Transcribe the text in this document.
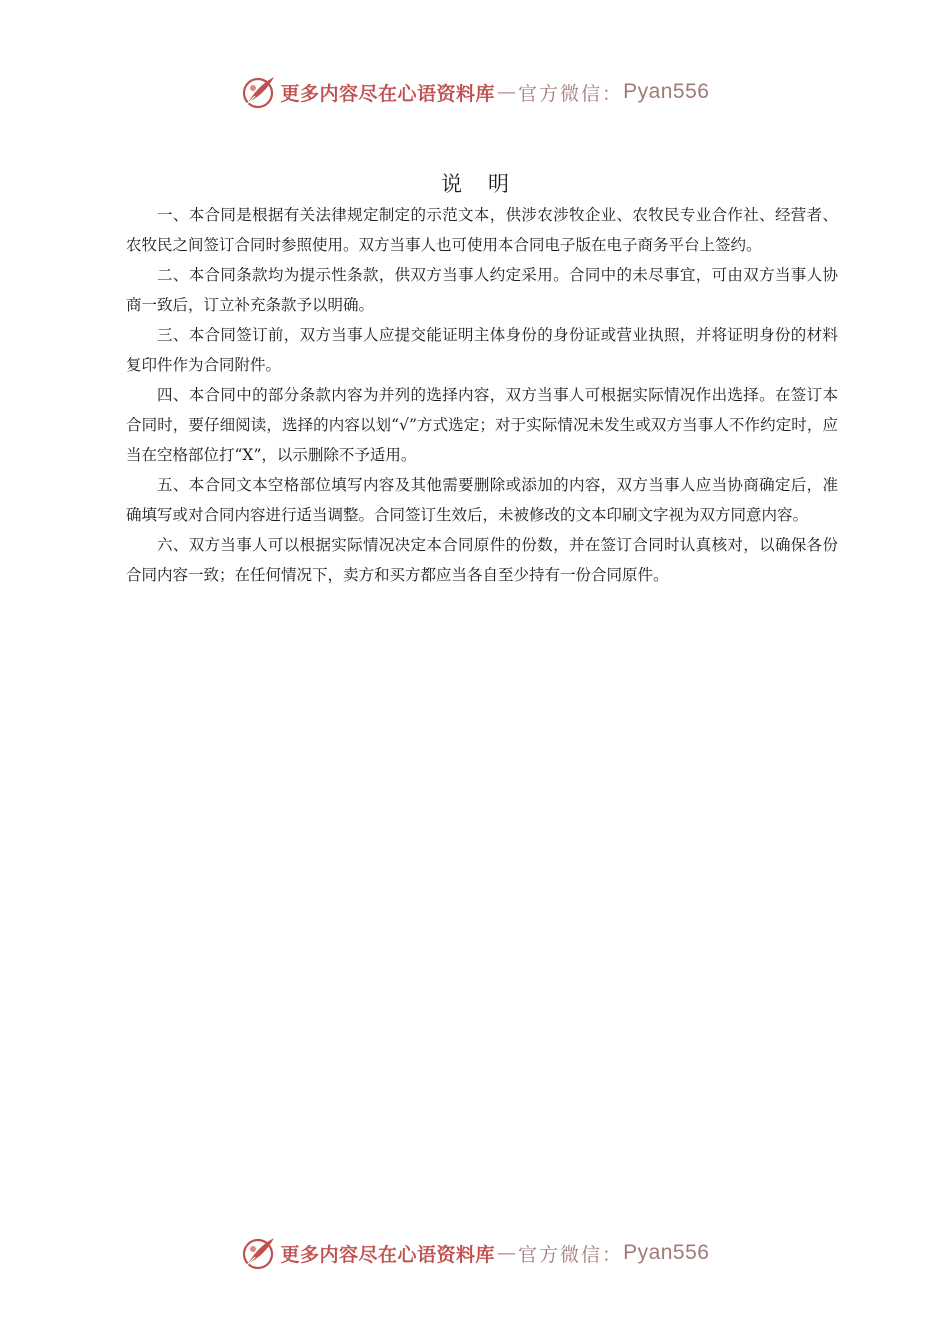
更多内容尽在心语资料库 — 官方微信： Pyan556
说明

一、本合同是根据有关法律规定制定的示范文本，供涉农涉牧企业、农牧民专业合作社、经营者、农牧民之间签订合同时参照使用。双方当事人也可使用本合同电子版在电子商务平台上签约。

二、本合同条款均为提示性条款，供双方当事人约定采用。合同中的未尽事宜，可由双方当事人协商一致后，订立补充条款予以明确。

三、本合同签订前，双方当事人应提交能证明主体身份的身份证或营业执照，并将证明身份的材料复印件作为合同附件。

四、本合同中的部分条款内容为并列的选择内容，双方当事人可根据实际情况作出选择。在签订本合同时，要仔细阅读，选择的内容以划“√”方式选定；对于实际情况未发生或双方当事人不作约定时，应当在空格部位打“X”，以示删除不予适用。

五、本合同文本空格部位填写内容及其他需要删除或添加的内容，双方当事人应当协商确定后，准确填写或对合同内容进行适当调整。合同签订生效后，未被修改的文本印刷文字视为双方同意内容。

六、双方当事人可以根据实际情况决定本合同原件的份数，并在签订合同时认真核对，以确保各份合同内容一致；在任何情况下，卖方和买方都应当各自至少持有一份合同原件。

更多内容尽在心语资料库 — 官方微信： Pyan556
